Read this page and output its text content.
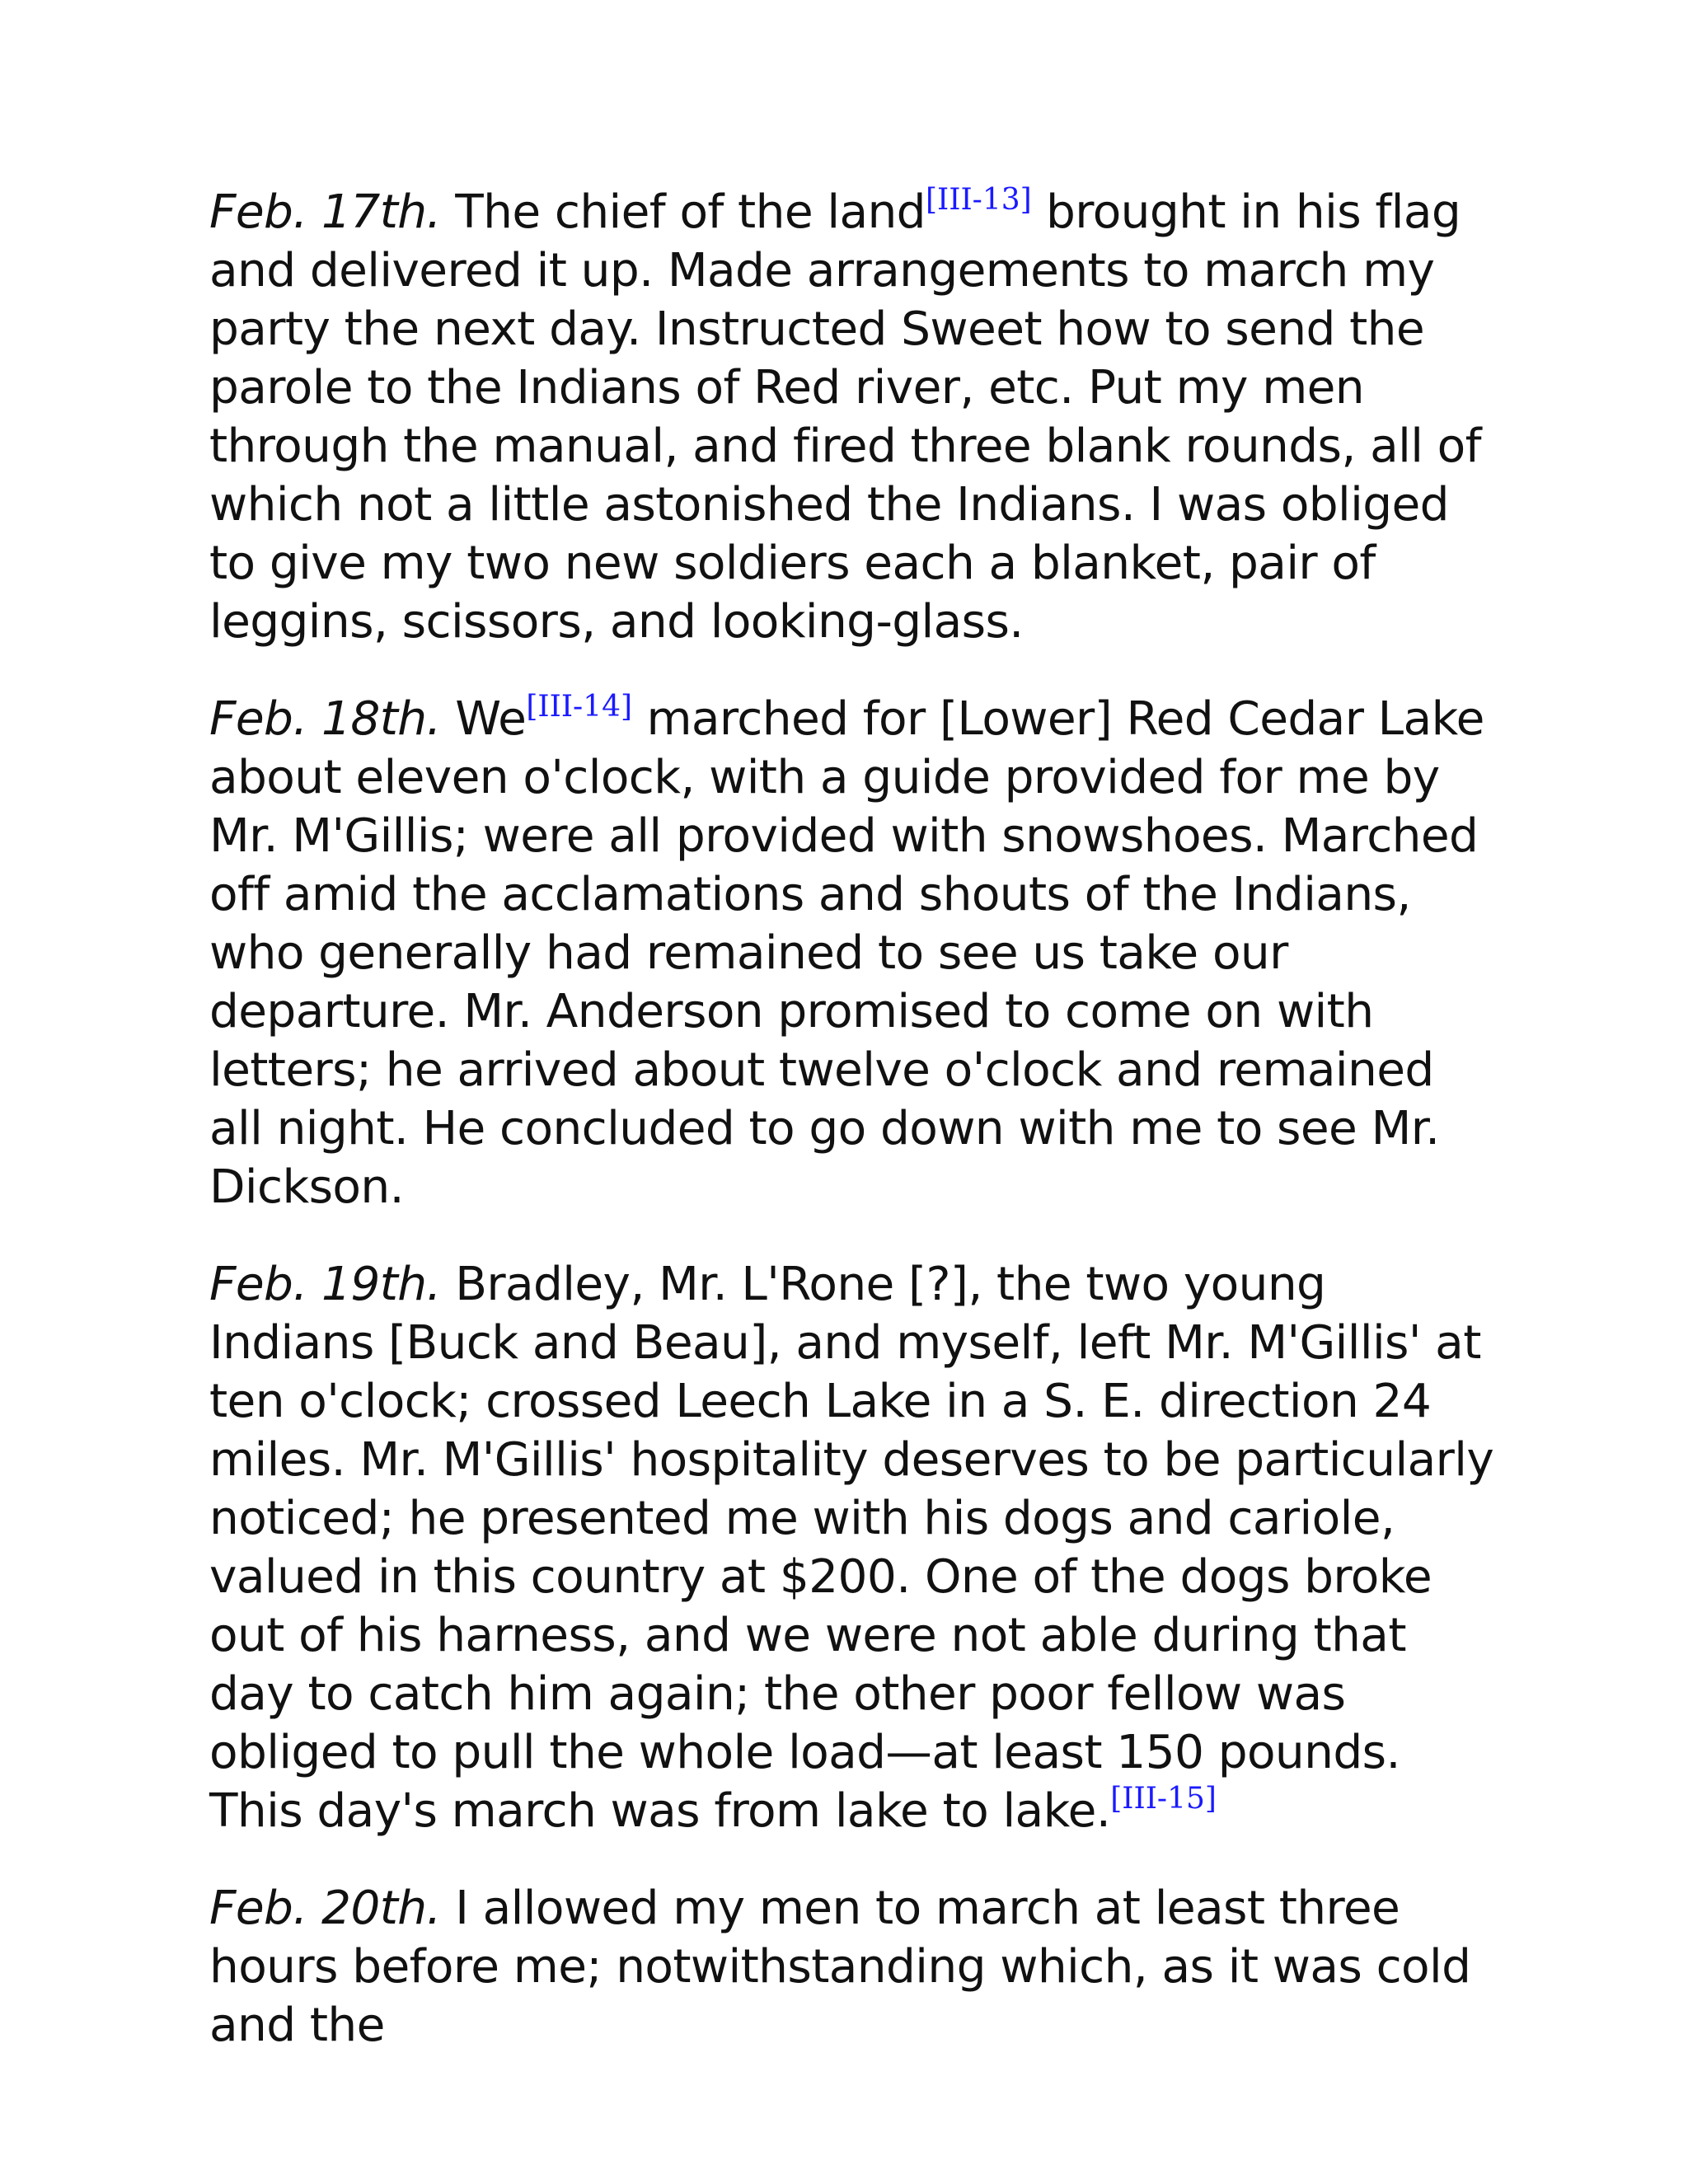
Feb. 17th. The chief of the land[III-13] brought in his flag and delivered it up. Made arrangements to march my party the next day. Instructed Sweet how to send the parole to the Indians of Red river, etc. Put my men through the manual, and fired three blank rounds, all of which not a little astonished the Indians. I was obliged to give my two new soldiers each a blanket, pair of leggins, scissors, and looking-glass.

Feb. 18th. We[III-14] marched for [Lower] Red Cedar Lake about eleven o'clock, with a guide provided for me by Mr. M'Gillis; were all provided with snowshoes. Marched off amid the acclamations and shouts of the Indians, who generally had remained to see us take our departure. Mr. Anderson promised to come on with letters; he arrived about twelve o'clock and remained all night. He concluded to go down with me to see Mr. Dickson.

Feb. 19th. Bradley, Mr. L'Rone [?], the two young Indians [Buck and Beau], and myself, left Mr. M'Gillis' at ten o'clock; crossed Leech Lake in a S. E. direction 24 miles. Mr. M'Gillis' hospitality deserves to be particularly noticed; he presented me with his dogs and cariole, valued in this country at $200. One of the dogs broke out of his harness, and we were not able during that day to catch him again; the other poor fellow was obliged to pull the whole load—at least 150 pounds. This day's march was from lake to lake.[III-15]

Feb. 20th. I allowed my men to march at least three hours before me; notwithstanding which, as it was cold and the
